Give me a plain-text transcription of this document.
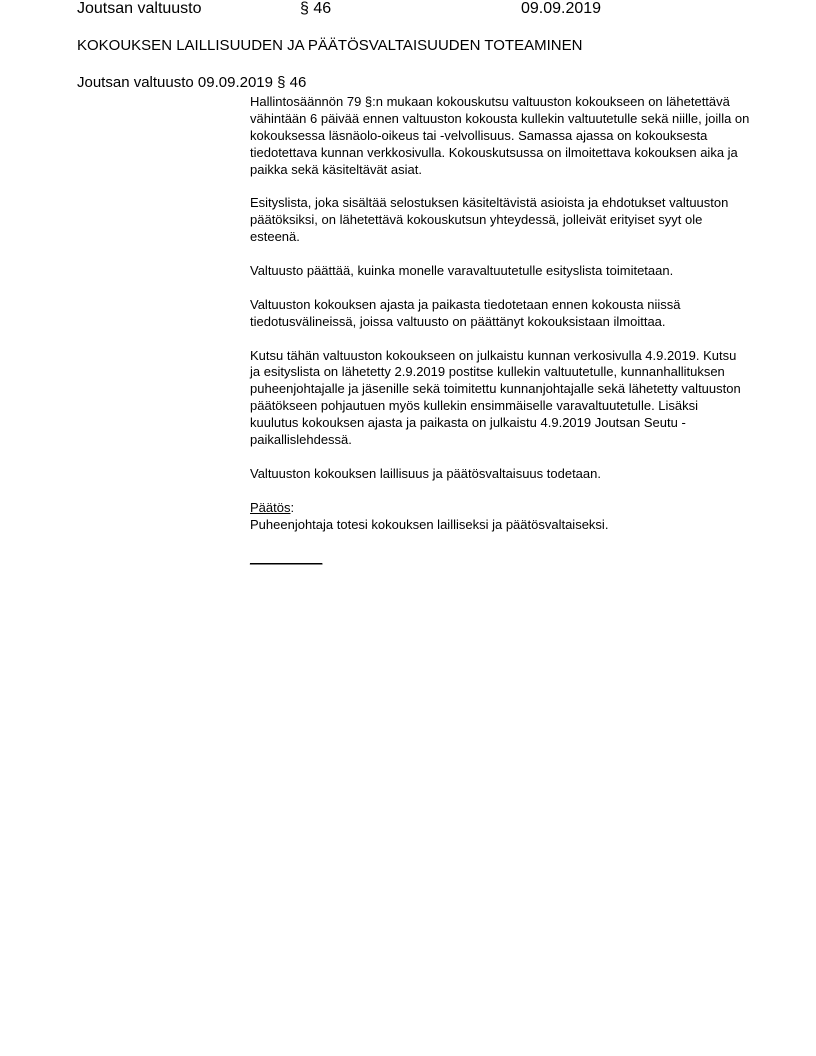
Joutsan valtuusto	§ 46	09.09.2019
KOKOUKSEN LAILLISUUDEN JA PÄÄTÖSVALTAISUUDEN TOTEAMINEN
Joutsan valtuusto 09.09.2019 § 46

Hallintosäännön 79 §:n mukaan kokouskutsu valtuuston kokoukseen on lähetettävä vähintään 6 päivää ennen valtuuston kokousta kullekin valtuutetulle sekä niille, joilla on kokouksessa läsnäolo-oikeus tai -velvollisuus. Samassa ajassa on kokouksesta tiedotettava kunnan verkkosivulla. Kokouskutsussa on ilmoitettava kokouksen aika ja paikka sekä käsiteltävät asiat.

Esityslista, joka sisältää selostuksen käsiteltävistä asioista ja ehdotukset valtuuston päätöksiksi, on lähetettävä kokouskutsun yhteydessä, jolleivät erityiset syyt ole esteenä.

Valtuusto päättää, kuinka monelle varavaltuutetulle esityslista toimitetaan.

Valtuuston kokouksen ajasta ja paikasta tiedotetaan ennen kokousta niissä tiedotusvälineissä, joissa valtuusto on päättänyt kokouksistaan ilmoittaa.

Kutsu tähän valtuuston kokoukseen on julkaistu kunnan verkosivulla 4.9.2019. Kutsu ja esityslista on lähetetty 2.9.2019 postitse kullekin valtuutetulle, kunnanhallituksen puheenjohtajalle ja jäsenille sekä toimitettu kunnanjohtajalle sekä lähetetty valtuuston päätökseen pohjautuen myös kullekin ensimmäiselle varavaltuutetulle. Lisäksi kuulutus kokouksen ajasta ja paikasta on julkaistu 4.9.2019 Joutsan Seutu -paikallislehdessä.

Valtuuston kokouksen laillisuus ja päätösvaltaisuus todetaan.

Päätös:

Puheenjohtaja totesi kokouksen lailliseksi ja päätösvaltaiseksi.

__________
